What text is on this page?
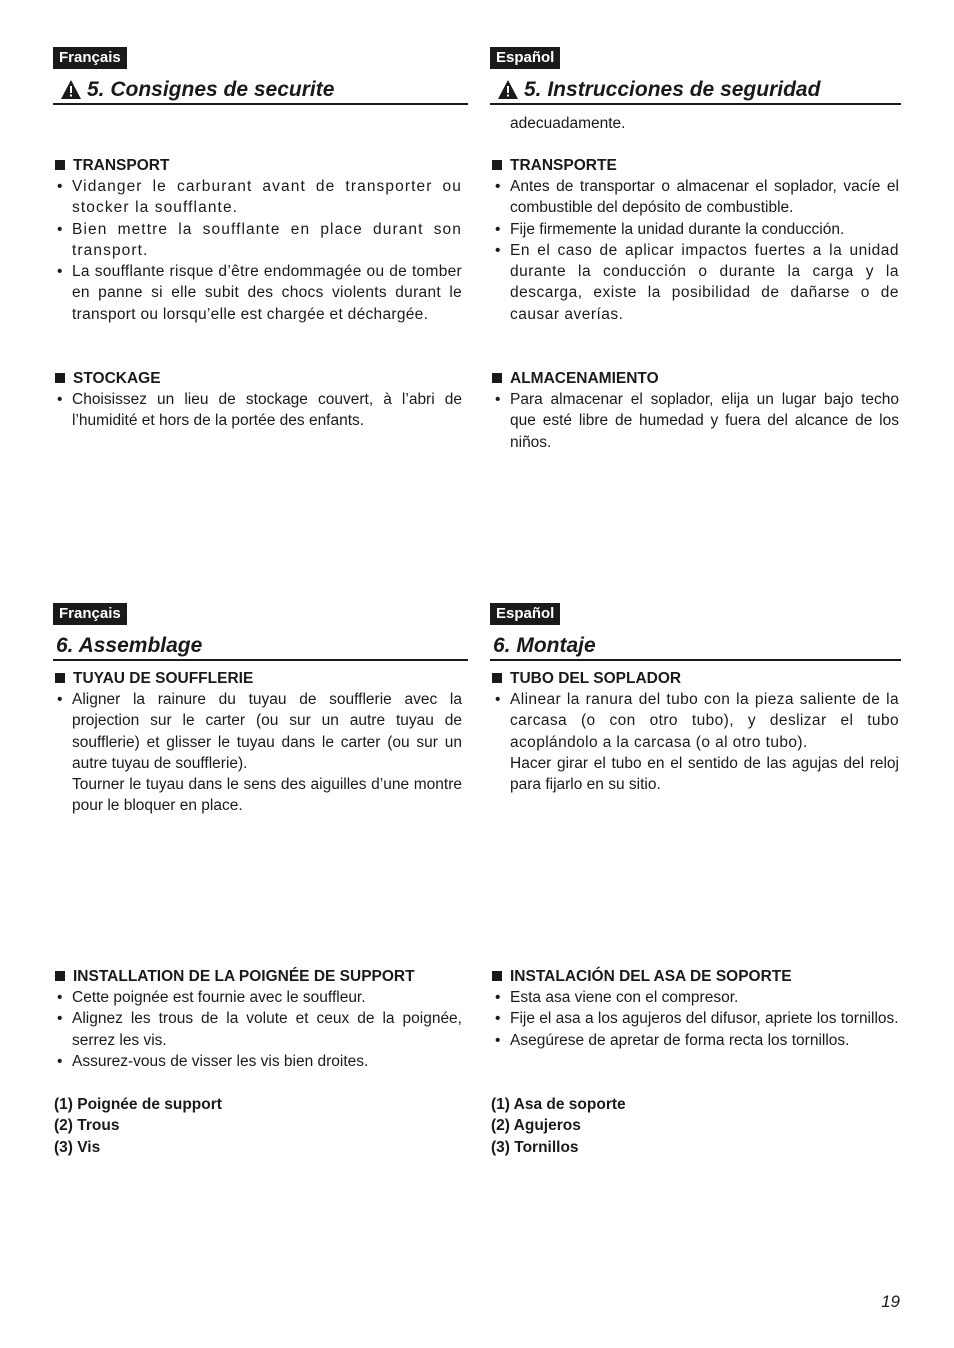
Français	Español
5. Consignes de securite	5. Instrucciones de seguridad
adecuadamente.
TRANSPORT
• Vidanger le carburant avant de transporter ou stocker la soufflante.
• Bien mettre la soufflante en place durant son transport.
• La soufflante risque d’être endommagée ou de tomber en panne si elle subit des chocs violents durant le transport ou lorsqu’elle est chargée et déchargée.
TRANSPORTE
• Antes de transportar o almacenar el soplador, vacíe el combustible del depósito de combustible.
• Fije firmemente la unidad durante la conducción.
• En el caso de aplicar impactos fuertes a la unidad durante la conducción o durante la carga y la descarga, existe la posibilidad de dañarse o de causar averías.
STOCKAGE
• Choisissez un lieu de stockage couvert, à l’abri de l’humidité et hors de la portée des enfants.
ALMACENAMIENTO
• Para almacenar el soplador, elija un lugar bajo techo que esté libre de humedad y fuera del alcance de los niños.
Français	Español
6. Assemblage	6. Montaje
TUYAU DE SOUFFLERIE
• Aligner la rainure du tuyau de soufflerie avec la projection sur le carter (ou sur un autre tuyau de soufflerie) et glisser le tuyau dans le carter (ou sur un autre tuyau de soufflerie).
Tourner le tuyau dans le sens des aiguilles d’une montre pour le bloquer en place.
TUBO DEL SOPLADOR
• Alinear la ranura del tubo con la pieza saliente de la carcasa (o con otro tubo), y deslizar el tubo acoplándolo a la carcasa (o al otro tubo).
Hacer girar el tubo en el sentido de las agujas del reloj para fijarlo en su sitio.
INSTALLATION DE LA POIGNÉE DE SUPPORT
• Cette poignée est fournie avec le souffleur.
• Alignez les trous de la volute et ceux de la poignée, serrez les vis.
• Assurez-vous de visser les vis bien droites.
INSTALACIÓN DEL ASA DE SOPORTE
• Esta asa viene con el compresor.
• Fije el asa a los agujeros del difusor, apriete los tornillos.
• Asegúrese de apretar de forma recta los tornillos.
(1) Poignée de support
(2) Trous
(3) Vis
(1) Asa de soporte
(2) Agujeros
(3) Tornillos
19
